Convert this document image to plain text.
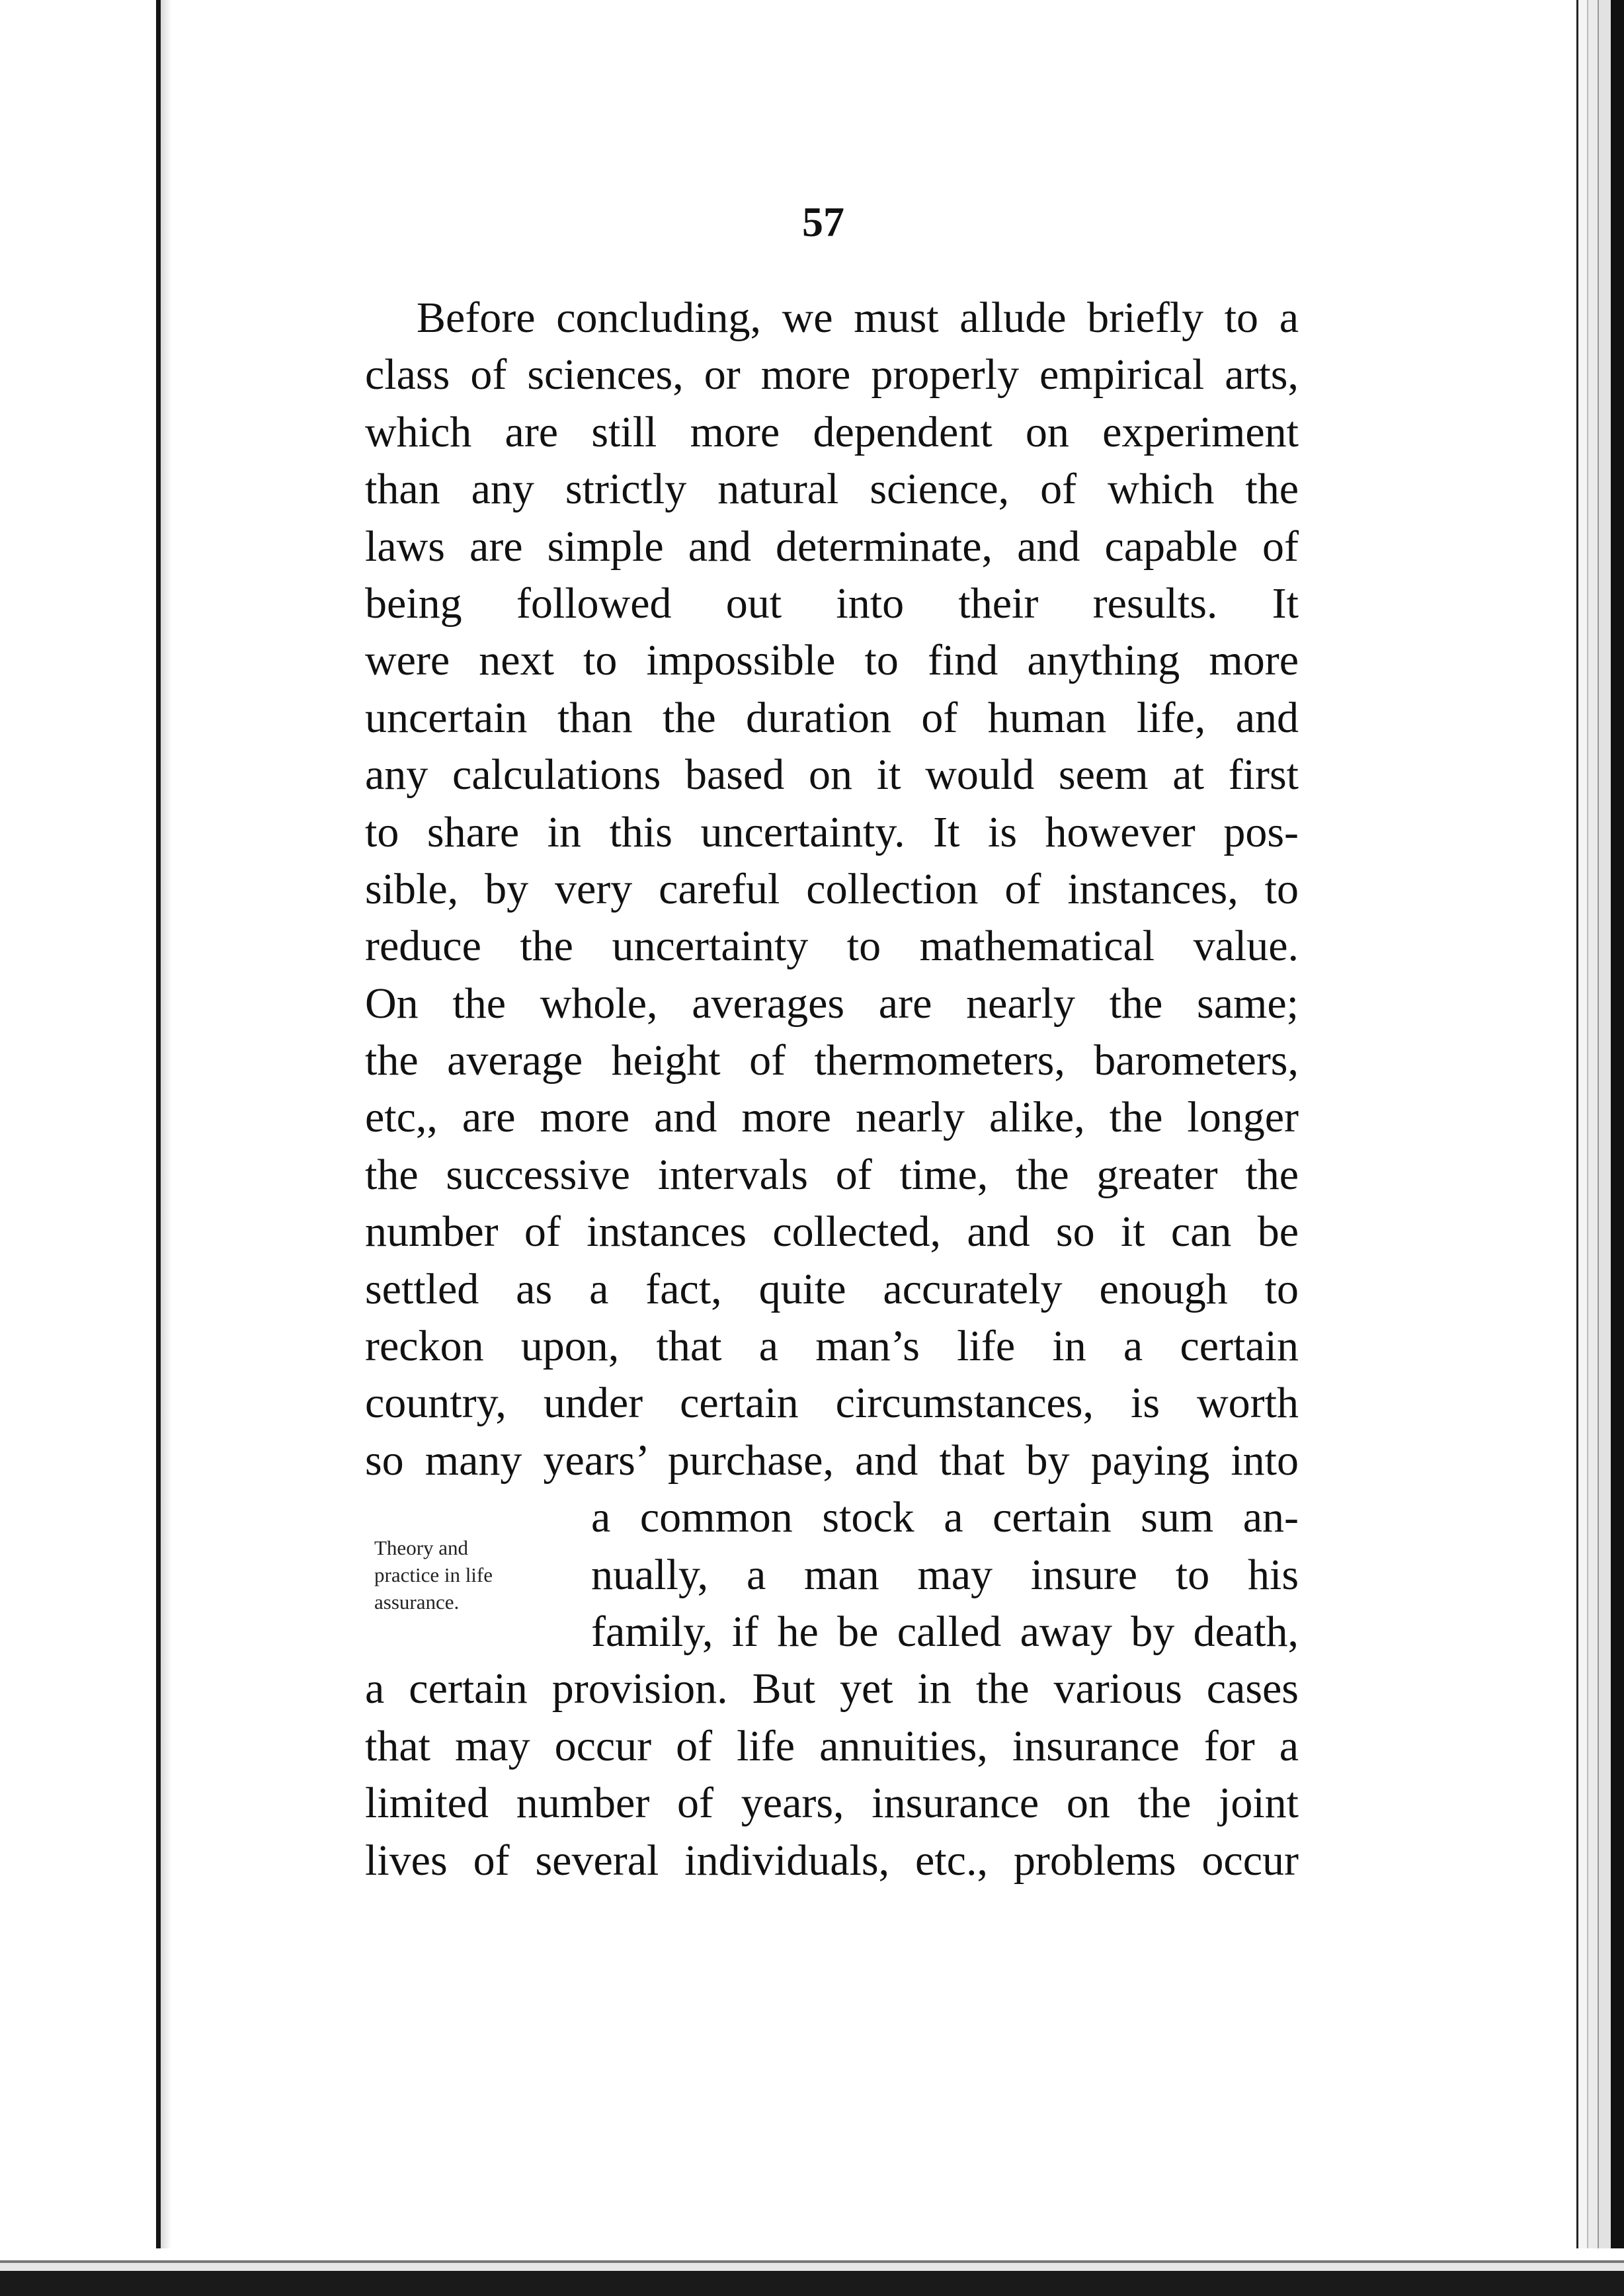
57
Before concluding, we must allude briefly to a
class of sciences, or more properly empirical arts,
which are still more dependent on experiment
than any strictly natural science, of which the
laws are simple and determinate, and capable of
being followed out into their results. It
were next to impossible to find anything more
uncertain than the duration of human life, and
any calculations based on it would seem at first
to share in this uncertainty. It is however pos-
sible, by very careful collection of instances, to
reduce the uncertainty to mathematical value.
On the whole, averages are nearly the same;
the average height of thermometers, barometers,
etc,, are more and more nearly alike, the longer
the successive intervals of time, the greater the
number of instances collected, and so it can be
settled as a fact, quite accurately enough to
reckon upon, that a man’s life in a certain
country, under certain circumstances, is worth
so many years’ purchase, and that by paying into
a common stock a certain sum an-
nually, a man may insure to his
family, if he be called away by death,
a certain provision. But yet in the various cases
that may occur of life annuities, insurance for a
limited number of years, insurance on the joint
lives of several individuals, etc., problems occur
Theory and
practice in life
assurance.
